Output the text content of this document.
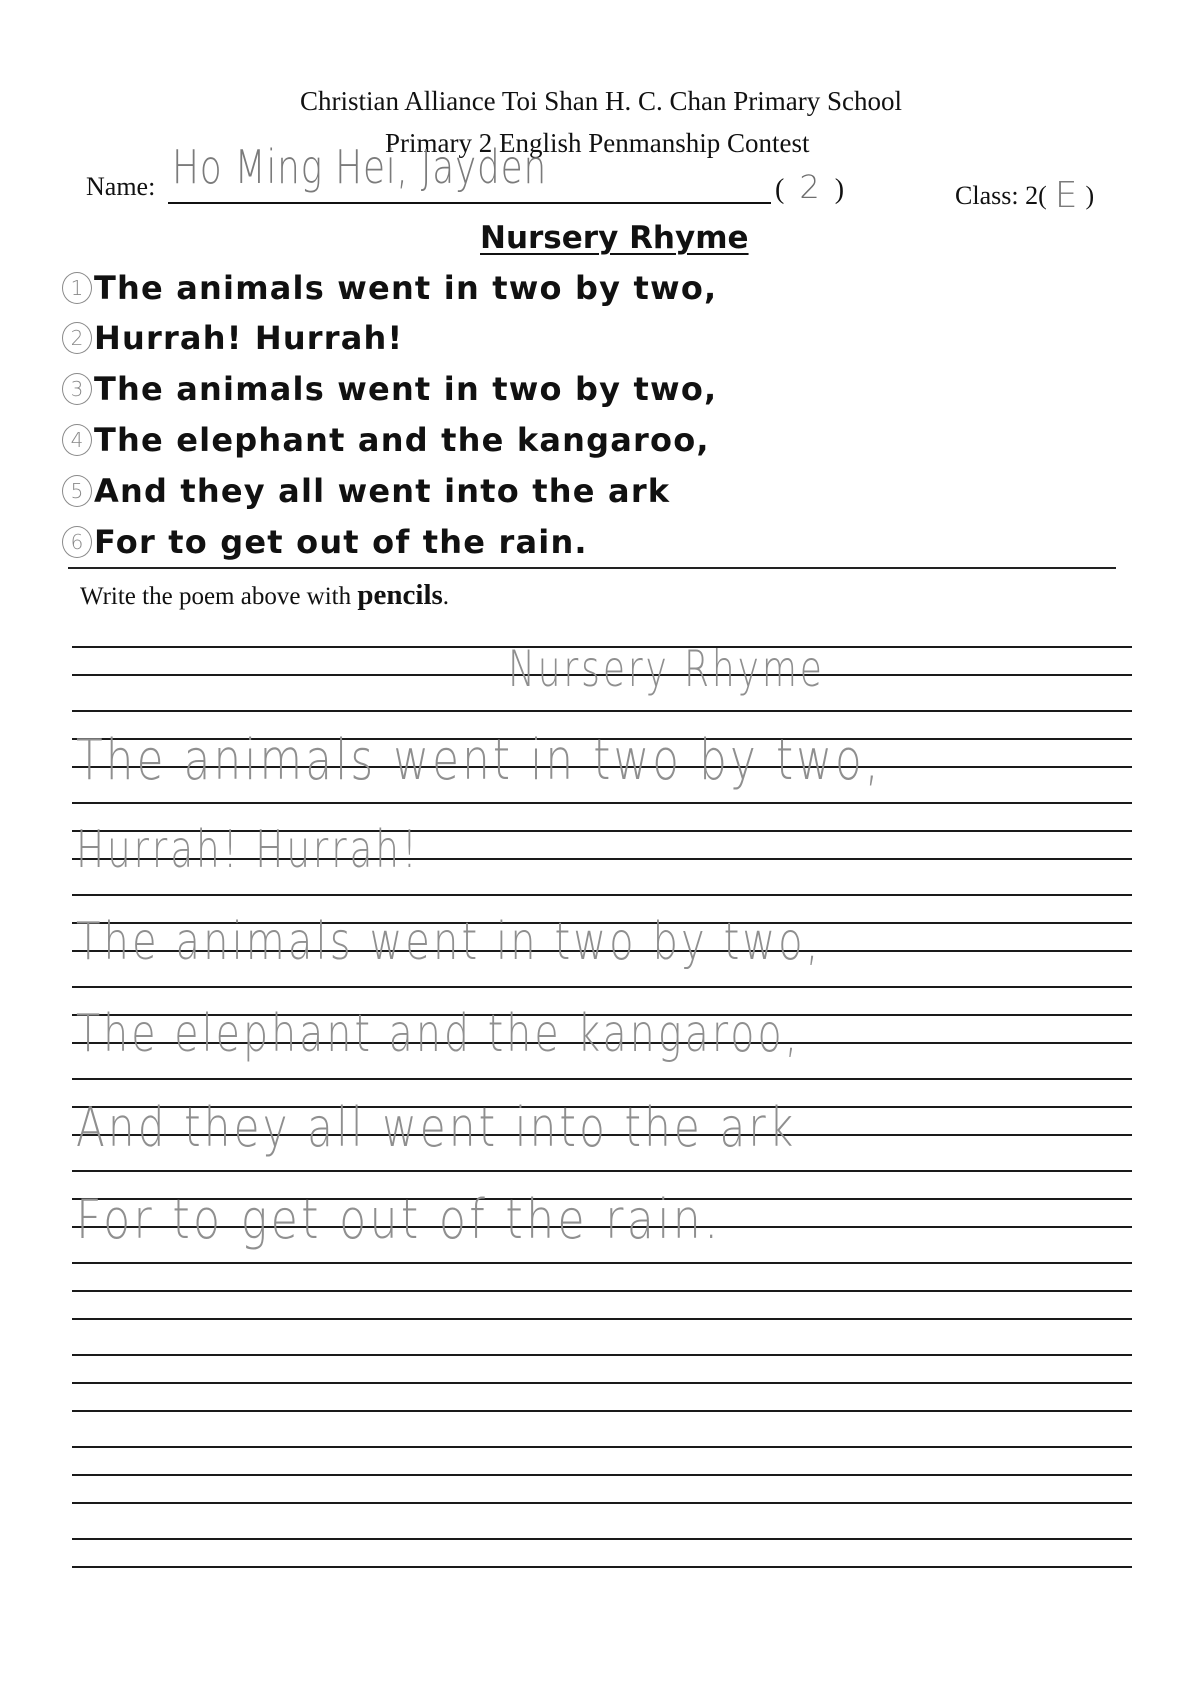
Christian Alliance Toi Shan H. C. Chan Primary School
Primary 2 English Penmanship Contest
Name: Ho Ming Hei, Jayden	( 2 )	Class: 2( E )
Nursery Rhyme
1 The animals went in two by two,
2 Hurrah! Hurrah!
3 The animals went in two by two,
4 The elephant and the kangaroo,
5 And they all went into the ark
6 For to get out of the rain.
Write the poem above with pencils.
Nursery Rhyme
The animals went in two by two,
Hurrah! Hurrah!
The animals went in two by two,
The elephant and the kangaroo,
And they all went into the ark
For to get out of the rain.
